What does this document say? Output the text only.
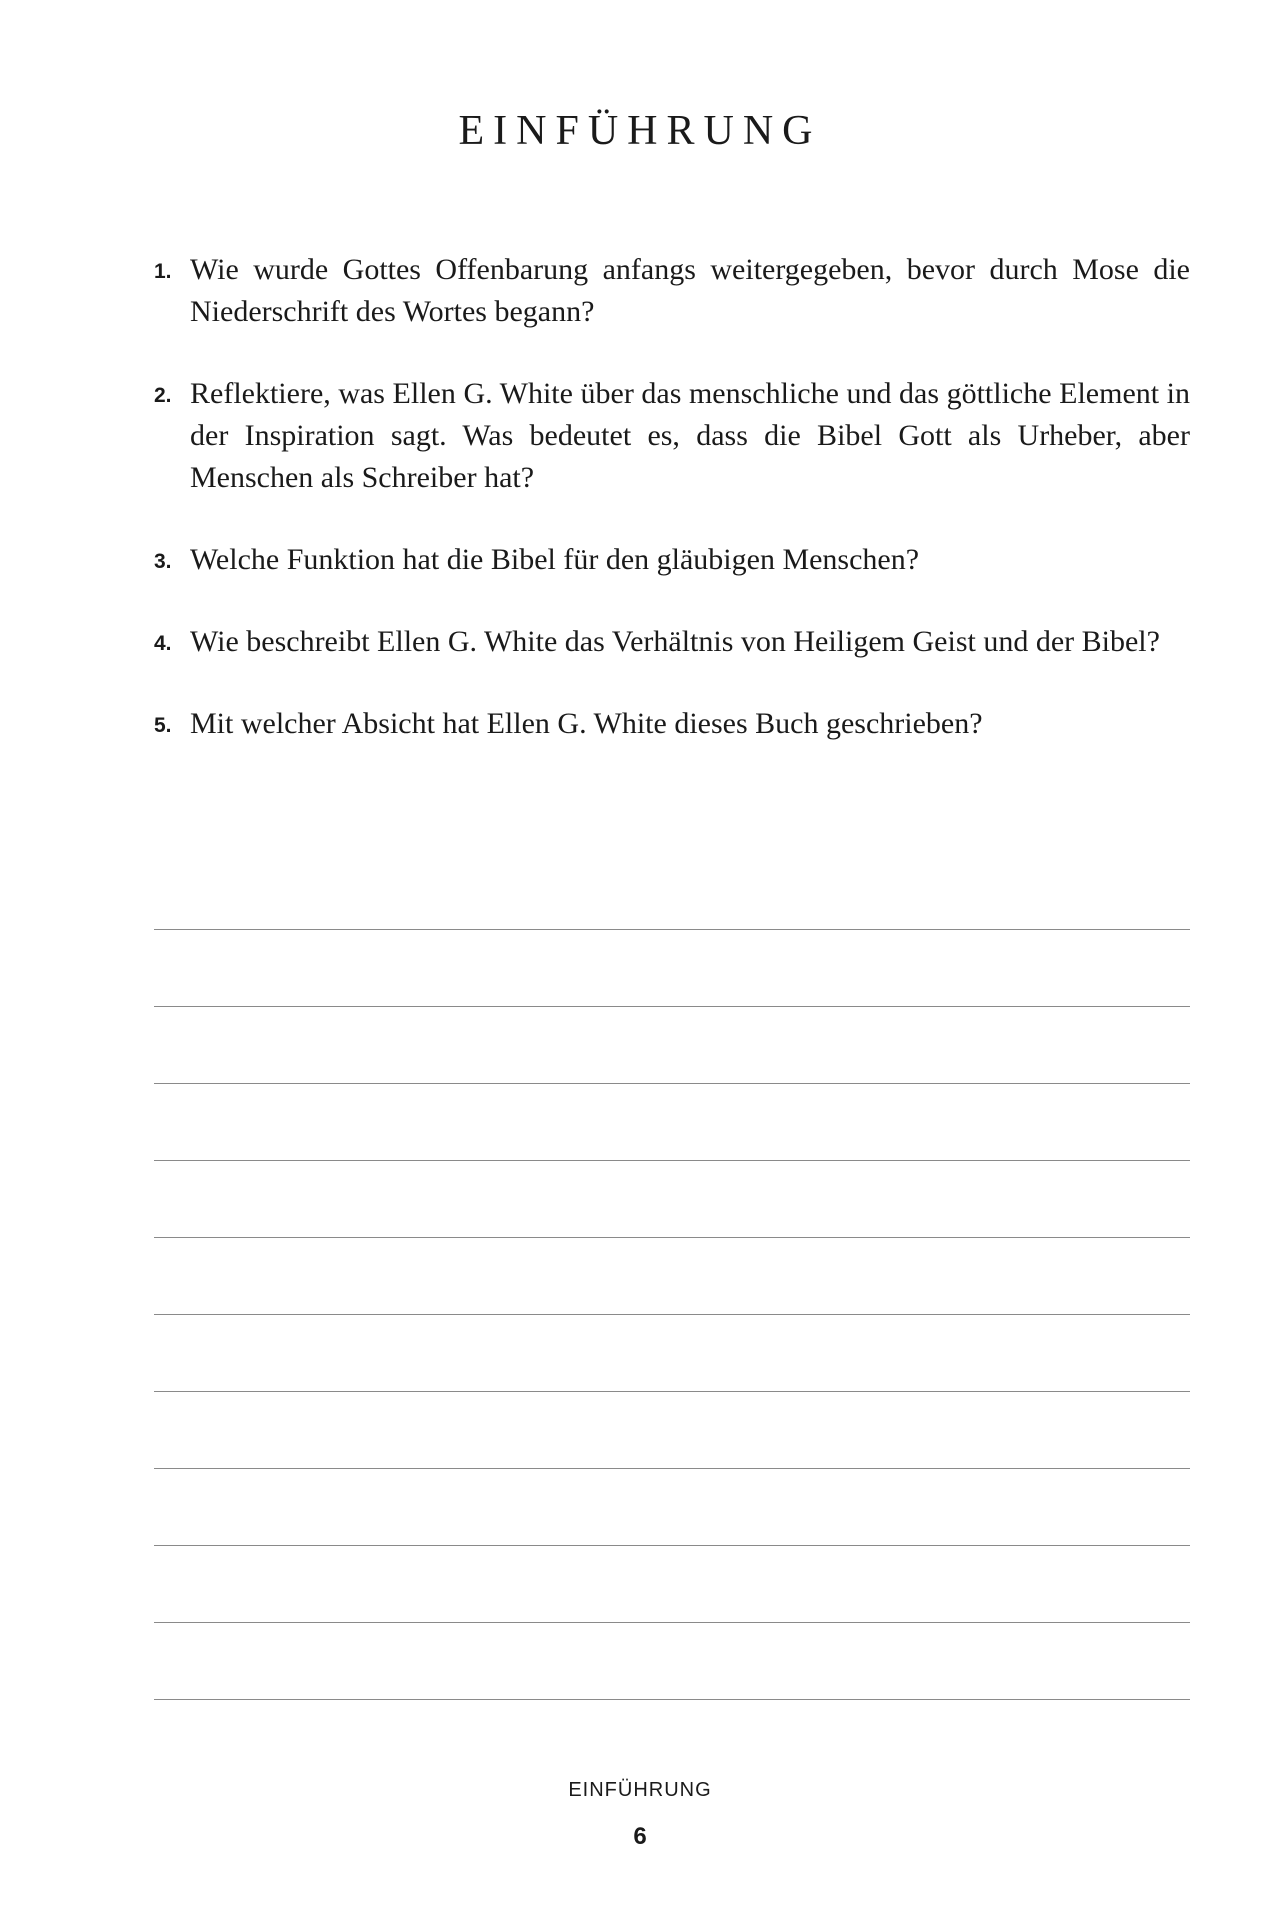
EINFÜHRUNG
1. Wie wurde Gottes Offenbarung anfangs weitergegeben, bevor durch Mose die Niederschrift des Wortes begann?
2. Reflektiere, was Ellen G. White über das menschliche und das göttliche Element in der Inspiration sagt. Was bedeutet es, dass die Bibel Gott als Urheber, aber Menschen als Schreiber hat?
3. Welche Funktion hat die Bibel für den gläubigen Menschen?
4. Wie beschreibt Ellen G. White das Verhältnis von Heiligem Geist und der Bibel?
5. Mit welcher Absicht hat Ellen G. White dieses Buch geschrieben?
EINFÜHRUNG
6
